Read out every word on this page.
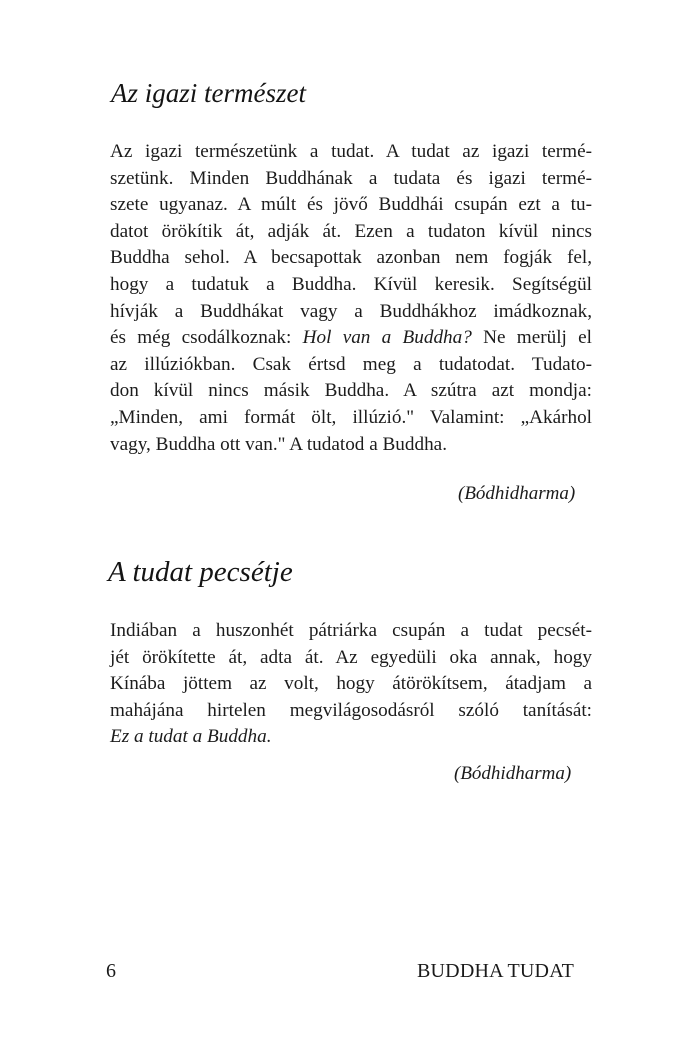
Az igazi természet
Az igazi természetünk a tudat. A tudat az igazi termé-
szetünk. Minden Buddhának a tudata és igazi termé-
szete ugyanaz. A múlt és jövő Buddhái csupán ezt a tu-
datot örökítik át, adják át. Ezen a tudaton kívül nincs
Buddha sehol. A becsapottak azonban nem fogják fel,
hogy a tudatuk a Buddha. Kívül keresik. Segítségül
hívják a Buddhákat vagy a Buddhákhoz imádkoznak,
és még csodálkoznak: Hol van a Buddha? Ne merülj el
az illúziókban. Csak értsd meg a tudatodat. Tudato-
don kívül nincs másik Buddha. A szútra azt mondja:
„Minden, ami formát ölt, illúzió." Valamint: „Akárhol
vagy, Buddha ott van." A tudatod a Buddha.

(Bódhidharma)

A tudat pecsétje
Indiában a huszonhét pátriárka csupán a tudat pecsét-
jét örökítette át, adta át. Az egyedüli oka annak, hogy
Kínába jöttem az volt, hogy átörökítsem, átadjam a
mahájána hirtelen megvilágosodásról szóló tanítását:
Ez a tudat a Buddha.

(Bódhidharma)

6	BUDDHA TUDAT
